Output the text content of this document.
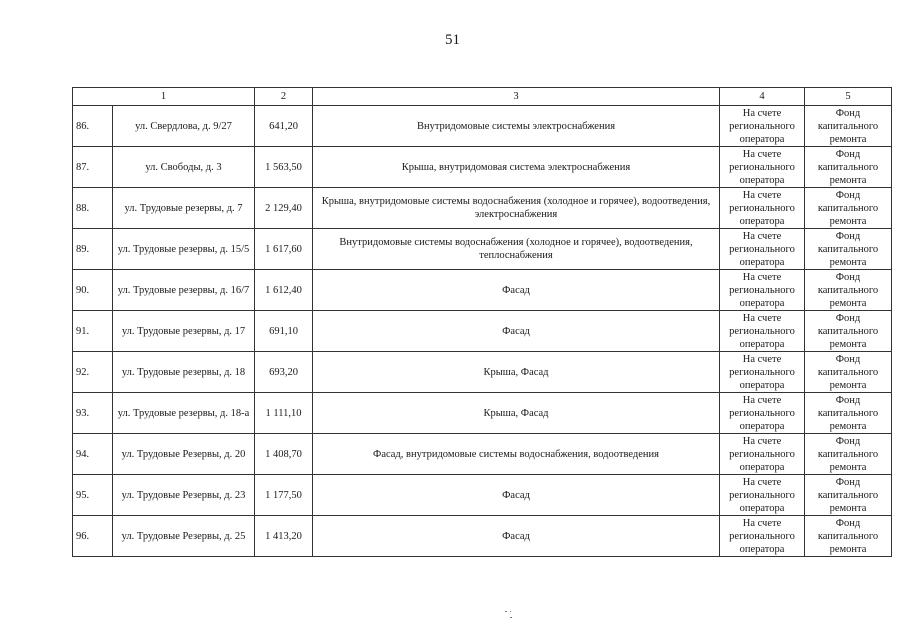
51
1		2	3	4	5
86.	ул. Свердлова, д. 9/27	641,20	Внутридомовые системы электроснабжения	На счете регионального оператора	Фонд капитального ремонта
87.	ул. Свободы, д. 3	1 563,50	Крыша, внутридомовая система электроснабжения	На счете регионального оператора	Фонд капитального ремонта
88.	ул. Трудовые резервы, д. 7	2 129,40	Крыша, внутридомовые системы водоснабжения (холодное и горячее), водоотведения, электроснабжения	На счете регионального оператора	Фонд капитального ремонта
89.	ул. Трудовые резервы, д. 15/5	1 617,60	Внутридомовые системы водоснабжения (холодное и горячее), водоотведения, теплоснабжения	На счете регионального оператора	Фонд капитального ремонта
90.	ул. Трудовые резервы, д. 16/7	1 612,40	Фасад	На счете регионального оператора	Фонд капитального ремонта
91.	ул. Трудовые резервы, д. 17	691,10	Фасад	На счете регионального оператора	Фонд капитального ремонта
92.	ул. Трудовые резервы, д. 18	693,20	Крыша, Фасад	На счете регионального оператора	Фонд капитального ремонта
93.	ул. Трудовые резервы, д. 18-а	1 111,10	Крыша, Фасад	На счете регионального оператора	Фонд капитального ремонта
94.	ул. Трудовые Резервы, д. 20	1 408,70	Фасад, внутридомовые системы водоснабжения, водоотведения	На счете регионального оператора	Фонд капитального ремонта
95.	ул. Трудовые Резервы, д. 23	1 177,50	Фасад	На счете регионального оператора	Фонд капитального ремонта
96.	ул. Трудовые Резервы, д. 25	1 413,20	Фасад	На счете регионального оператора	Фонд капитального ремонта
